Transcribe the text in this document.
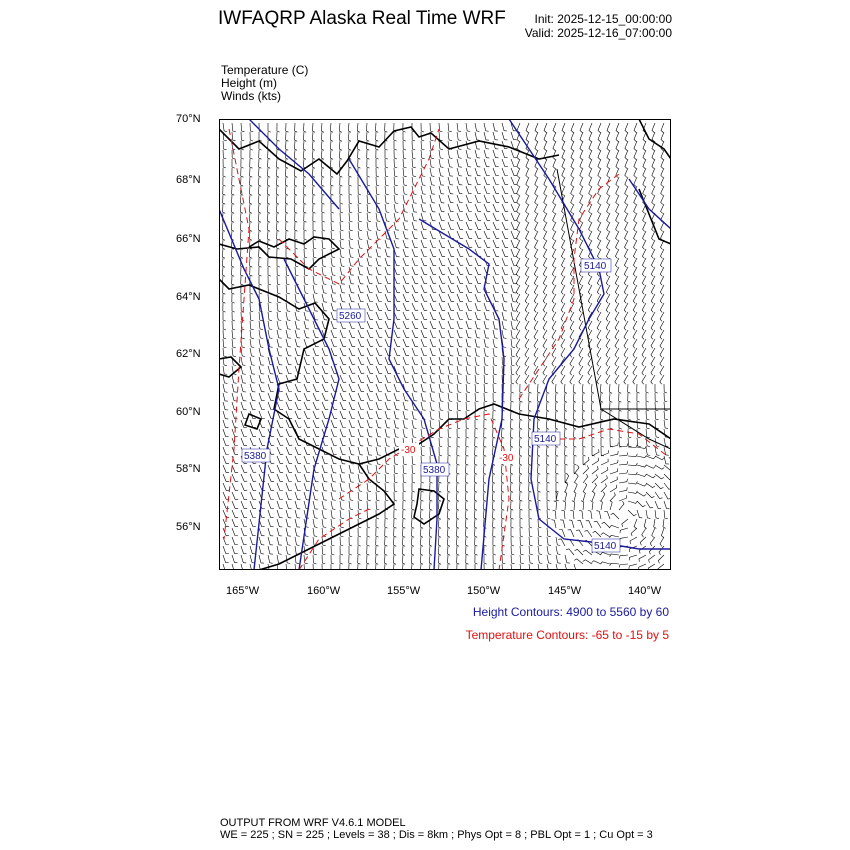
IWFAQRP Alaska Real Time WRF Init: 2025-12-15_00:00:00
Valid: 2025-12-16_07:00:00
Temperature (C)
Height (m)
Winds (kts)
70°N
68°N
66°N
64°N
62°N
60°N
58°N
56°N
165°W	160°W	155°W	150°W	145°W	140°W
5140
5260
5380
5380
5140
5140
-30
-30
Height Contours: 4900 to 5560 by 60
Temperature Contours: -65 to -15 by 5
OUTPUT FROM WRF V4.6.1 MODEL
WE = 225 ; SN = 225 ; Levels = 38 ; Dis = 8km ; Phys Opt = 8 ; PBL Opt = 1 ; Cu Opt = 3
